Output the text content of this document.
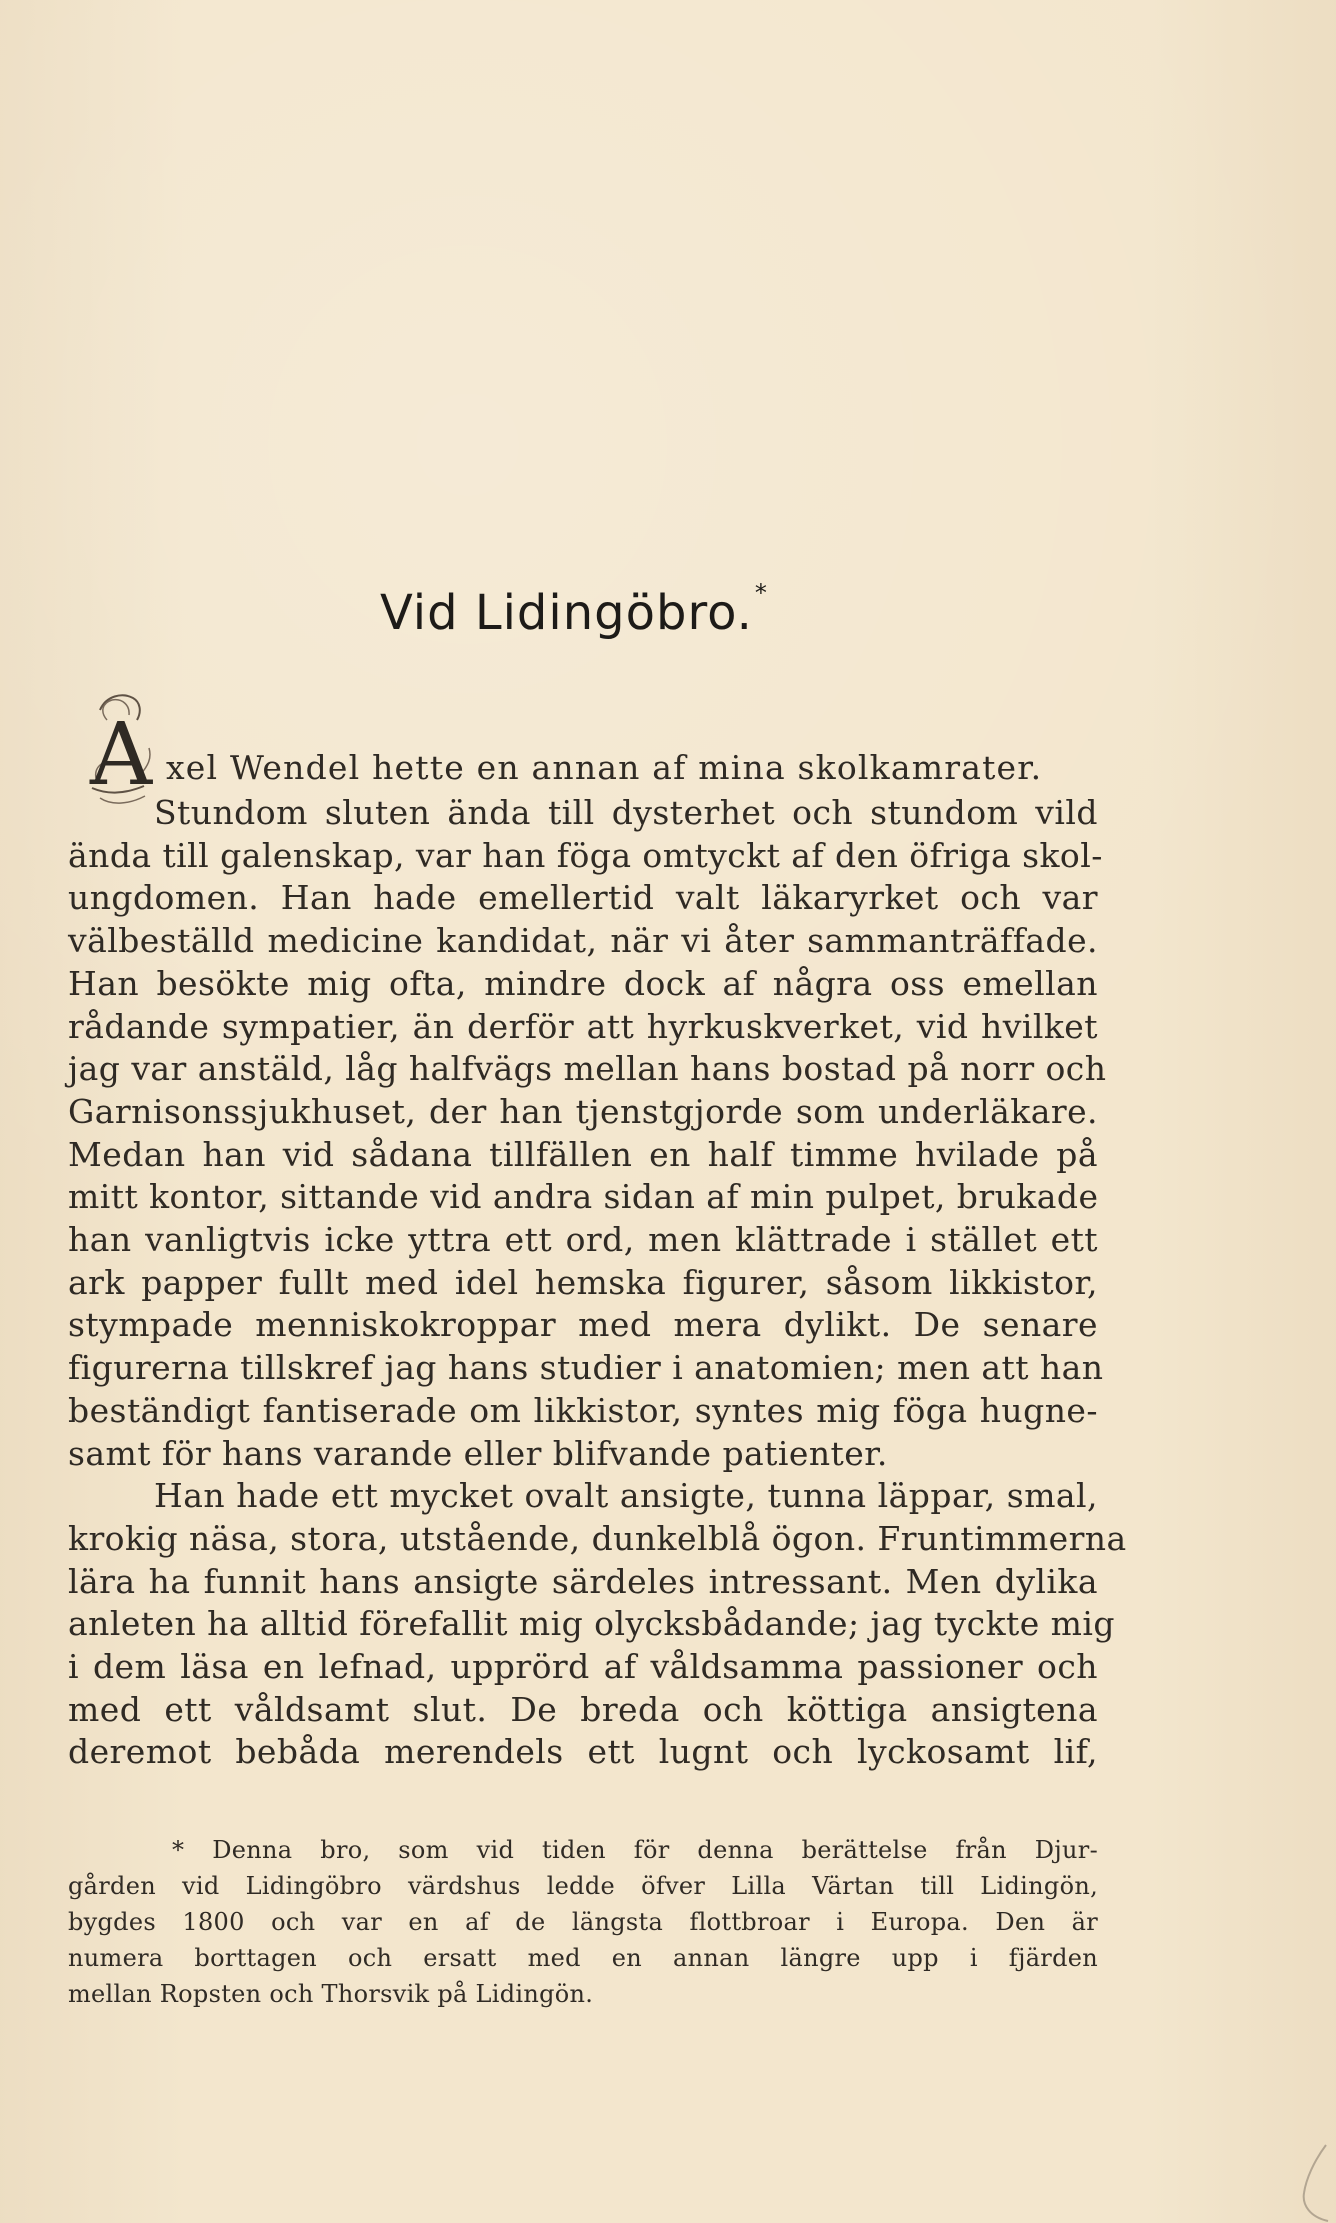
Vid Lidingöbro.*
A xel Wendel hette en annan af mina skolkamrater.
Stundom sluten ända till dysterhet och stundom vild
ända till galenskap, var han föga omtyckt af den öfriga skol-
ungdomen. Han hade emellertid valt läkaryrket och var
välbeställd medicine kandidat, när vi åter sammanträffade.
Han besökte mig ofta, mindre dock af några oss emellan
rådande sympatier, än derför att hyrkuskverket, vid hvilket
jag var anstäld, låg halfvägs mellan hans bostad på norr och
Garnisonssjukhuset, der han tjenstgjorde som underläkare.
Medan han vid sådana tillfällen en half timme hvilade på
mitt kontor, sittande vid andra sidan af min pulpet, brukade
han vanligtvis icke yttra ett ord, men klättrade i stället ett
ark papper fullt med idel hemska figurer, såsom likkistor,
stympade menniskokroppar med mera dylikt. De senare
figurerna tillskref jag hans studier i anatomien; men att han
beständigt fantiserade om likkistor, syntes mig föga hugne-
samt för hans varande eller blifvande patienter.
Han hade ett mycket ovalt ansigte, tunna läppar, smal,
krokig näsa, stora, utstående, dunkelblå ögon. Fruntimmerna
lära ha funnit hans ansigte särdeles intressant. Men dylika
anleten ha alltid förefallit mig olycksbådande; jag tyckte mig
i dem läsa en lefnad, upprörd af våldsamma passioner och
med ett våldsamt slut. De breda och köttiga ansigtena
deremot bebåda merendels ett lugnt och lyckosamt lif,
* Denna bro, som vid tiden för denna berättelse från Djur-
gården vid Lidingöbro värdshus ledde öfver Lilla Värtan till Lidingön,
bygdes 1800 och var en af de längsta flottbroar i Europa. Den är
numera borttagen och ersatt med en annan längre upp i fjärden
mellan Ropsten och Thorsvik på Lidingön.
